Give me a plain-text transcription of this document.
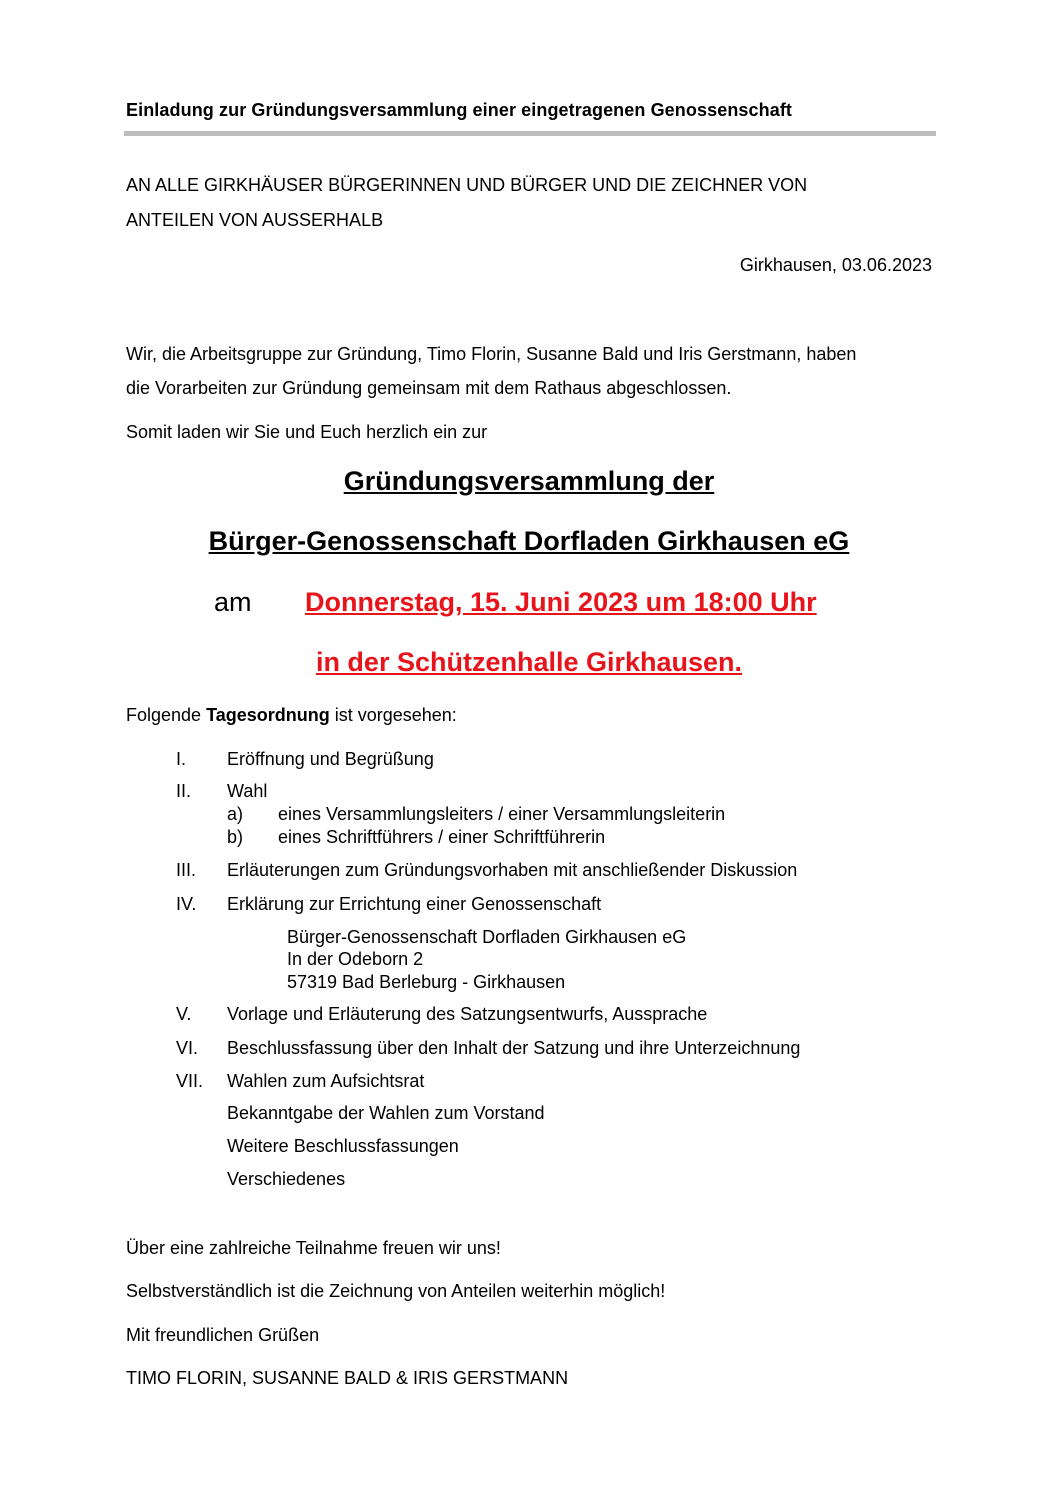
Einladung zur Gründungsversammlung einer eingetragenen Genossenschaft
AN ALLE GIRKHÄUSER BÜRGERINNEN UND BÜRGER UND DIE ZEICHNER VON
ANTEILEN VON AUSSERHALB
Girkhausen, 03.06.2023
Wir, die Arbeitsgruppe zur Gründung, Timo Florin, Susanne Bald und Iris Gerstmann, haben
die Vorarbeiten zur Gründung gemeinsam mit dem Rathaus abgeschlossen.
Somit laden wir Sie und Euch herzlich ein zur
Gründungsversammlung der
Bürger-Genossenschaft Dorfladen Girkhausen eG
am Donnerstag, 15. Juni 2023 um 18:00 Uhr
in der Schützenhalle Girkhausen.
Folgende Tagesordnung ist vorgesehen:
I. Eröffnung und Begrüßung
II. Wahl
a) eines Versammlungsleiters / einer Versammlungsleiterin
b) eines Schriftführers / einer Schriftführerin
III. Erläuterungen zum Gründungsvorhaben mit anschließender Diskussion
IV. Erklärung zur Errichtung einer Genossenschaft
Bürger-Genossenschaft Dorfladen Girkhausen eG
In der Odeborn 2
57319 Bad Berleburg - Girkhausen
V. Vorlage und Erläuterung des Satzungsentwurfs, Aussprache
VI. Beschlussfassung über den Inhalt der Satzung und ihre Unterzeichnung
VII. Wahlen zum Aufsichtsrat
Bekanntgabe der Wahlen zum Vorstand
Weitere Beschlussfassungen
Verschiedenes
Über eine zahlreiche Teilnahme freuen wir uns!
Selbstverständlich ist die Zeichnung von Anteilen weiterhin möglich!
Mit freundlichen Grüßen
TIMO FLORIN, SUSANNE BALD & IRIS GERSTMANN
